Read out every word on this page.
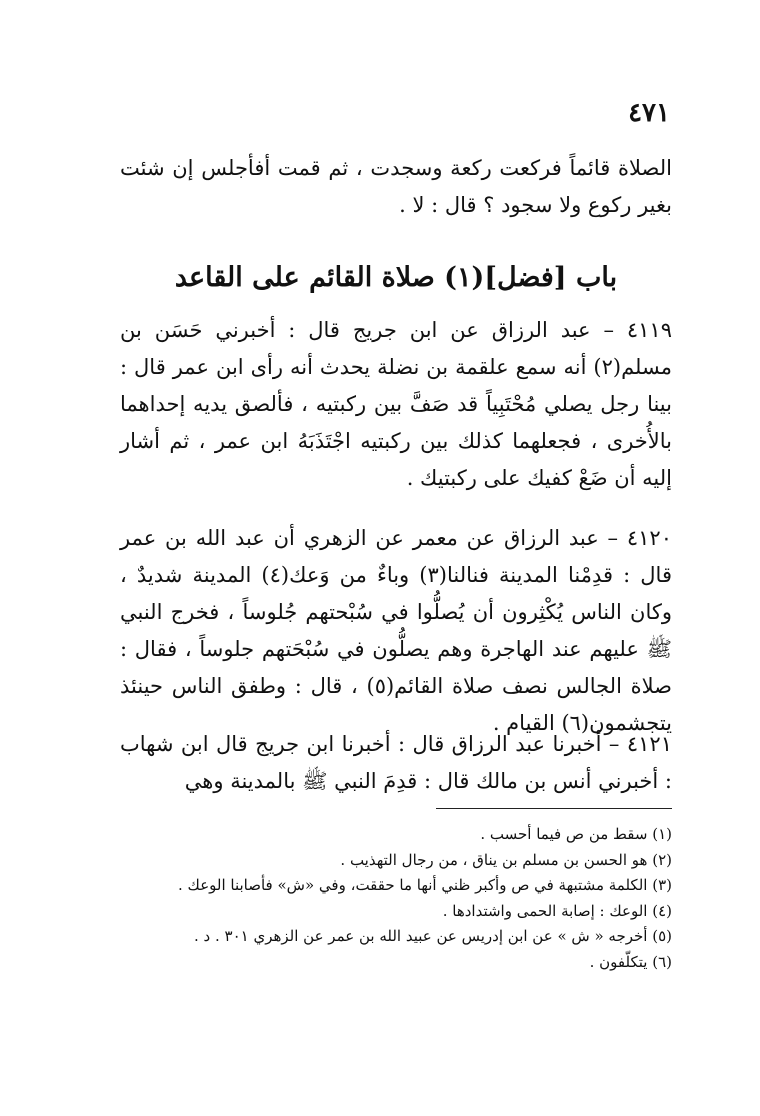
٤٧١

الصلاة قائماً فركعت ركعة وسجدت ، ثم قمت أفأجلس إن شئت بغير ركوع ولا سجود ؟ قال : لا .

باب [فضل](١) صلاة القائم على القاعد

٤١١٩ – عبد الرزاق عن ابن جريج قال : أخبرني حَسَن بن مسلم(٢) أنه سمع علقمة بن نضلة يحدث أنه رأى ابن عمر قال : بينا رجل يصلي مُحْتَبِياً قد صَفَّ بين ركبتيه ، فألصق يديه إحداهما بالأُخرى ، فجعلهما كذلك بين ركبتيه اجْتَذَبَهُ ابن عمر ، ثم أشار إليه أن ضَعْ كفيك على ركبتيك .

٤١٢٠ – عبد الرزاق عن معمر عن الزهري أن عبد الله بن عمر قال : قدِمْنا المدينة فنالنا(٣) وباءٌ من وَعك(٤) المدينة شديدٌ ، وكان الناس يُكْثِرون أن يُصلُّوا في سُبْحتهم جُلوساً ، فخرج النبي ﷺ عليهم عند الهاجرة وهم يصلُّون في سُبْحَتهم جلوساً ، فقال : صلاة الجالس نصف صلاة القائم(٥) ، قال : وطفق الناس حينئذ يتجشمون(٦) القيام .

٤١٢١ – أخبرنا عبد الرزاق قال : أخبرنا ابن جريج قال ابن شهاب : أخبرني أنس بن مالك قال : قدِمَ النبي ﷺ بالمدينة وهي

(١) سقط من ص فيما أحسب .
(٢) هو الحسن بن مسلم بن يناق ، من رجال التهذيب .
(٣) الكلمة مشتبهة في ص وأكبر ظني أنها ما حققت، وفي «ش» فأصابنا الوعك .
(٤) الوعك : إصابة الحمى واشتدادها .
(٥) أخرجه « ش » عن ابن إدريس عن عبيد الله بن عمر عن الزهري ٣٠١ . د .
(٦) يتكلّفون .
